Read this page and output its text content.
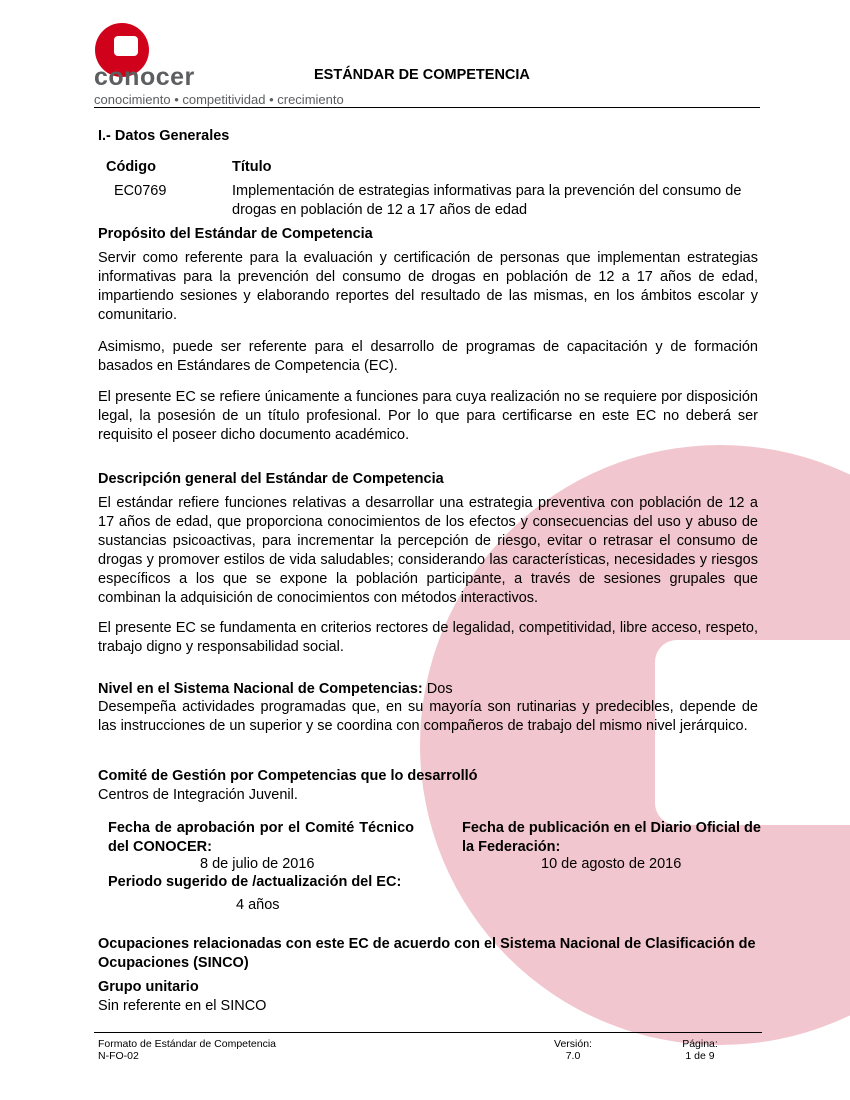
conocer
conocimiento • competitividad • crecimiento
ESTÁNDAR DE COMPETENCIA
I.- Datos Generales
Código	Título
EC0769	Implementación de estrategias informativas para la prevención del consumo de drogas en población de 12 a 17 años de edad
Propósito del Estándar de Competencia
Servir como referente para la evaluación y certificación de personas que implementan estrategias informativas para la prevención del consumo de drogas en población de 12 a 17 años de edad, impartiendo sesiones y elaborando reportes del resultado de las mismas, en los ámbitos escolar y comunitario.
Asimismo, puede ser referente para el desarrollo de programas de capacitación y de formación basados en Estándares de Competencia (EC).
El presente EC se refiere únicamente a funciones para cuya realización no se requiere por disposición legal, la posesión de un título profesional. Por lo que para certificarse en este EC no deberá ser requisito el poseer dicho documento académico.
Descripción general del Estándar de Competencia
El estándar refiere funciones relativas a desarrollar una estrategia preventiva con población de 12 a 17 años de edad, que proporciona conocimientos de los efectos y consecuencias del uso y abuso de sustancias psicoactivas, para incrementar la percepción de riesgo, evitar o retrasar el consumo de drogas y promover estilos de vida saludables; considerando las características, necesidades y riesgos específicos a los que se expone la población participante, a través de sesiones grupales que combinan la adquisición de conocimientos con métodos interactivos.
El presente EC se fundamenta en criterios rectores de legalidad, competitividad, libre acceso, respeto, trabajo digno y responsabilidad social.
Nivel en el Sistema Nacional de Competencias: Dos
Desempeña actividades programadas que, en su mayoría son rutinarias y predecibles, depende de las instrucciones de un superior y se coordina con compañeros de trabajo del mismo nivel jerárquico.
Comité de Gestión por Competencias que lo desarrolló
Centros de Integración Juvenil.
Fecha de aprobación por el Comité Técnico del CONOCER:
8 de julio de 2016
Fecha de publicación en el Diario Oficial de la Federación:
10 de agosto de 2016
Periodo sugerido de /actualización del EC:
4 años
Ocupaciones relacionadas con este EC de acuerdo con el Sistema Nacional de Clasificación de Ocupaciones (SINCO)
Grupo unitario
Sin referente en el SINCO
Formato de Estándar de Competencia
N-FO-02
Versión:
7.0
Página:
1 de 9
